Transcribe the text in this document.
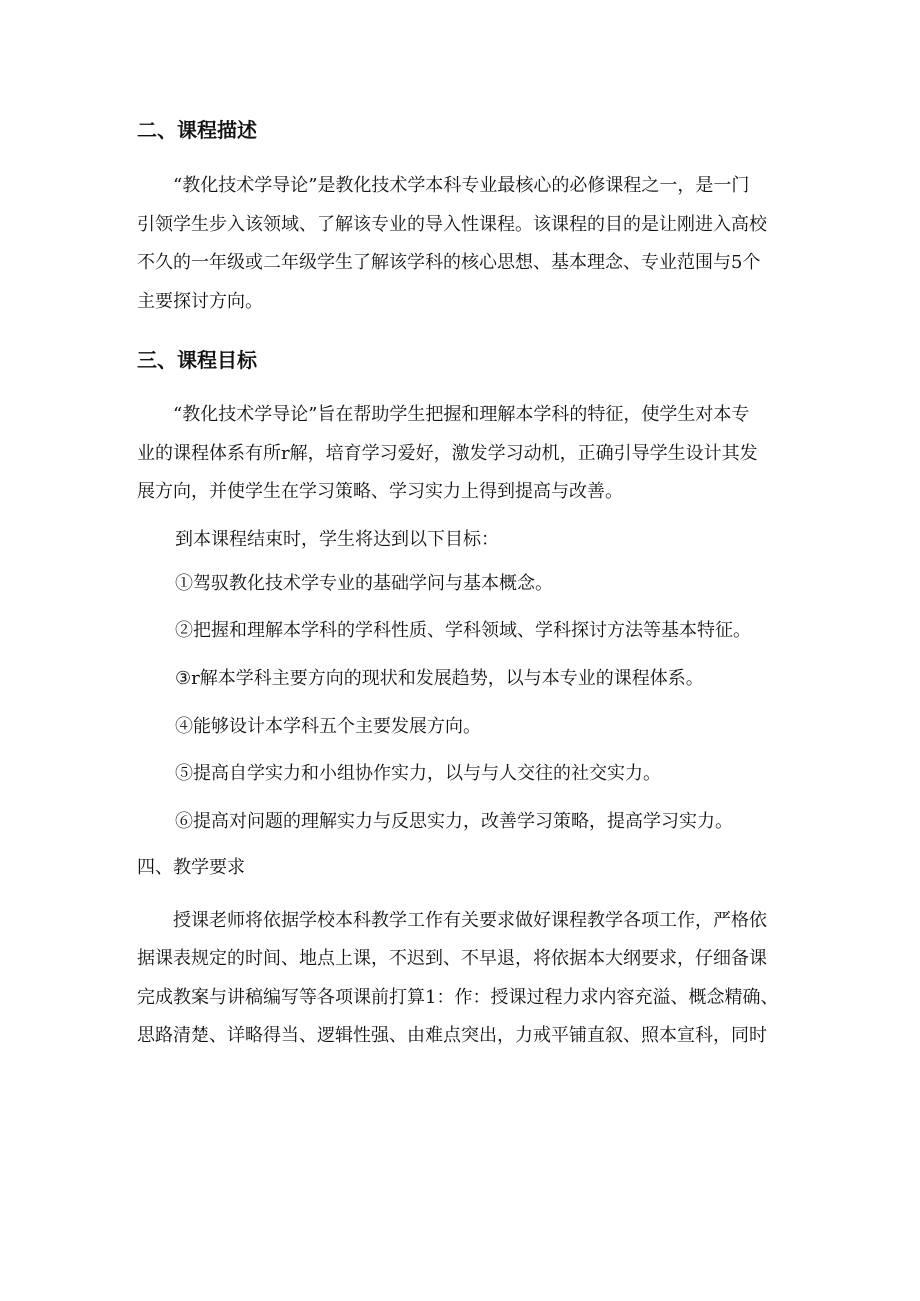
二、课程描述

“教化技术学导论”是教化技术学本科专业最核心的必修课程之一，是一门
引领学生步入该领域、了解该专业的导入性课程。该课程的目的是让刚进入高校
不久的一年级或二年级学生了解该学科的核心思想、基本理念、专业范围与5个
主要探讨方向。

三、课程目标

“教化技术学导论”旨在帮助学生把握和理解本学科的特征，使学生对本专
业的课程体系有所r解，培育学习爱好，激发学习动机，正确引导学生设计其发
展方向，并使学生在学习策略、学习实力上得到提高与改善。

到本课程结束时，学生将达到以下目标：

①驾驭教化技术学专业的基础学问与基本概念。

②把握和理解本学科的学科性质、学科领域、学科探讨方法等基本特征。

③r解本学科主要方向的现状和发展趋势，以与本专业的课程体系。

④能够设计本学科五个主要发展方向。

⑤提高自学实力和小组协作实力，以与与人交往的社交实力。

⑥提高对问题的理解实力与反思实力，改善学习策略，提高学习实力。

四、教学要求

授课老师将依据学校本科教学工作有关要求做好课程教学各项工作，严格依
据课表规定的时间、地点上课，不迟到、不早退，将依据本大纲要求，仔细备课
完成教案与讲稿编写等各项课前打算1：作：授课过程力求内容充溢、概念精确、
思路清楚、详略得当、逻辑性强、由难点突出，力戒平铺直叙、照本宣科，同时
